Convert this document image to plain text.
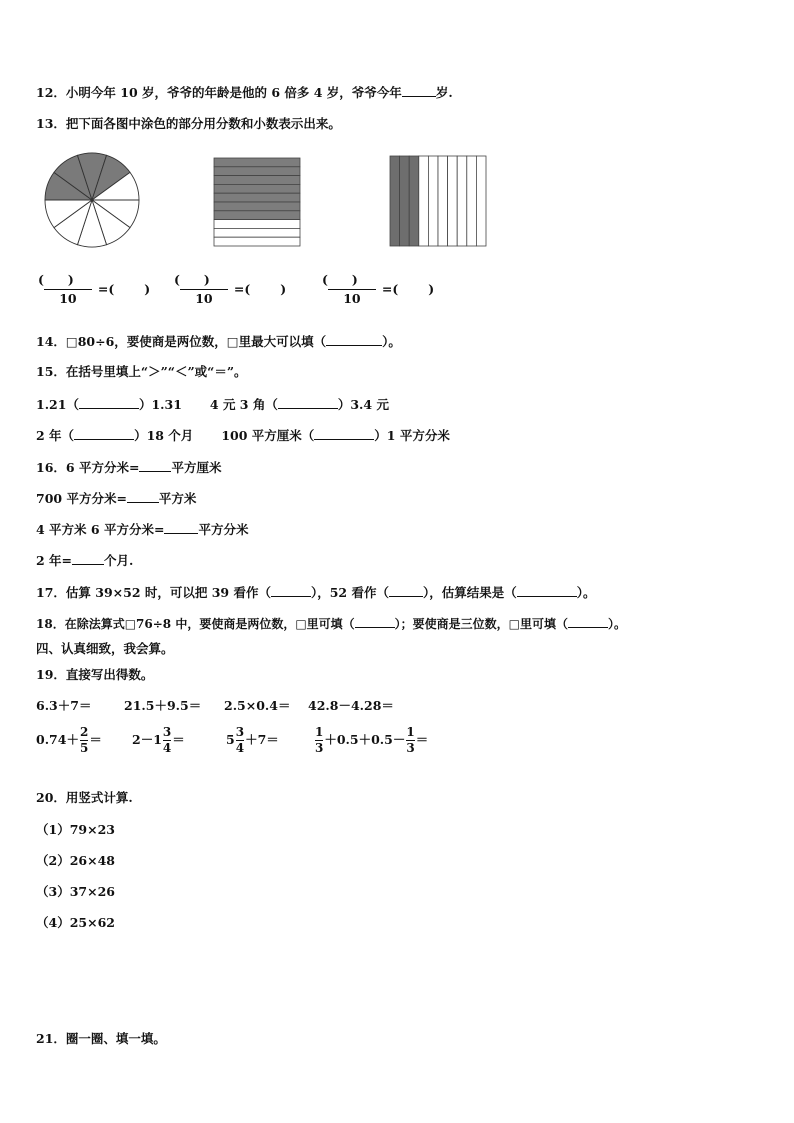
12．小明今年 10 岁，爷爷的年龄是他的 6 倍多 4 岁，爷爷今年	岁.
13．把下面各图中涂色的部分用分数和小数表示出来。
()
10
=()
()
10
=()
()
10
=()
14．□80÷6，要使商是两位数，□里最大可以填（	）。
15．在括号里填上“＞”“＜”或“＝”。
1.21（	）1.31 4 元 3 角（	）3.4 元
2 年（	）18 个月 100 平方厘米（	）1 平方分米
16．6 平方分米=	平方厘米
700 平方分米=	平方米
4 平方米 6 平方分米=	平方分米
2 年=	个月.
17．估算 39×52 时，可以把 39 看作（	），52 看作（	），估算结果是（	）。
18．在除法算式□76÷8 中，要使商是两位数，□里可填（	）；要使商是三位数，□里可填（	）。
四、认真细致，我会算。
19．直接写出得数。
6.3＋7＝	21.5＋9.5＝ 2.5×0.4＝ 42.8－4.28＝
$0.74+ \frac{2}{5} = 2-1 \frac{3}{4}$ ＝	$5 \frac{3}{4} +7=$	$\frac{1}{3} +0.5+0.5- \frac{1}{3}$ ＝
20．用竖式计算.
（1）79×23
（2）26×48
（3）37×26
（4）25×62
21．圈一圈、填一填。
